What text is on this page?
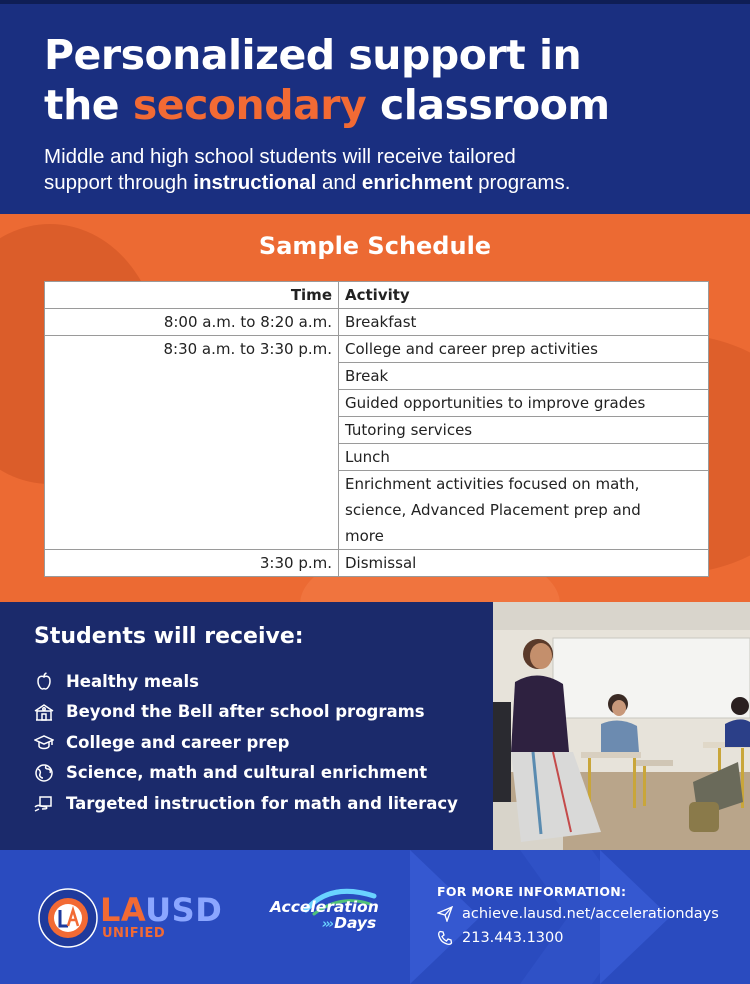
Personalized support in
the secondary classroom
Middle and high school students will receive tailored
support through instructional and enrichment programs.
Sample Schedule
Time	Activity
8:00 a.m. to 8:20 a.m.	Breakfast
8:30 a.m. to 3:30 p.m.	College and career prep activities
	Break
	Guided opportunities to improve grades
	Tutoring services
	Lunch

	Enrichment activities focused on math,
science, Advanced Placement prep and
more

3:30 p.m.	Dismissal
Students will receive:
Healthy meals
Beyond the Bell after school programs
College and career prep
Science, math and cultural enrichment
Targeted instruction for math and literacy
LAUSD
UNIFIED
Acceleration
››› Days
FOR MORE INFORMATION:
achieve.lausd.net/accelerationdays
213.443.1300
